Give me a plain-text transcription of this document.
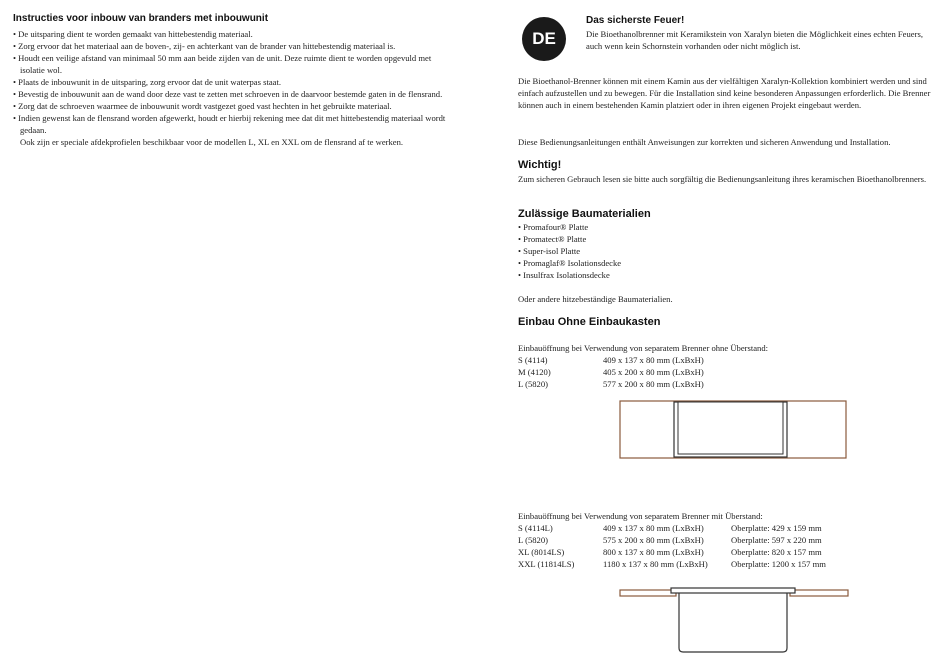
Instructies voor inbouw van branders met inbouwunit
• De uitsparing dient te worden gemaakt van hittebestendig materiaal.
• Zorg ervoor dat het materiaal aan de boven-, zij- en achterkant van de brander van hittebestendig materiaal is.
• Houdt een veilige afstand van minimaal 50 mm aan beide zijden van de unit. Deze ruimte dient te worden opgevuld met isolatie wol.
• Plaats de inbouwunit in de uitsparing, zorg ervoor dat de unit waterpas staat.
• Bevestig de inbouwunit aan de wand door deze vast te zetten met schroeven in de daarvoor bestemde gaten in de flensrand.
• Zorg dat de schroeven waarmee de inbouwunit wordt vastgezet goed vast hechten in het gebruikte materiaal.
• Indien gewenst kan de flensrand worden afgewerkt, houdt er hierbij rekening mee dat dit met hittebestendig materiaal wordt gedaan.
Ook zijn er speciale afdekprofielen beschikbaar voor de modellen L, XL en XXL om de flensrand af te werken.
DE
Das sicherste Feuer!
Die Bioethanolbrenner mit Keramikstein von Xaralyn bieten die Möglichkeit eines echten Feuers, auch wenn kein Schornstein vorhanden oder nicht möglich ist.
Die Bioethanol-Brenner können mit einem Kamin aus der vielfältigen Xaralyn-Kollektion kombiniert werden und sind einfach aufzustellen und zu bewegen. Für die Installation sind keine besonderen Anpassungen erforderlich. Die Brenner können auch in einem bestehenden Kamin platziert oder in ihren eigenen Projekt eingebaut werden.
Diese Bedienungsanleitungen enthält Anweisungen zur korrekten und sicheren Anwendung und Installation.
Wichtig!
Zum sicheren Gebrauch lesen sie bitte auch sorgfältig die Bedienungsanleitung ihres keramischen Bioethanolbrenners.
Zulässige Baumaterialien
• Promafour® Platte
• Promatect® Platte
• Super-isol Platte
• Promaglaf® Isolationsdecke
• Insulfrax Isolationsdecke
Oder andere hitzebeständige Baumaterialien.
Einbau Ohne Einbaukasten
Einbauöffnung bei Verwendung von separatem Brenner ohne Überstand:
S (4114)	409 x 137 x 80 mm (LxBxH)
M (4120)	405 x 200 x 80 mm (LxBxH)
L (5820)	577 x 200 x 80 mm (LxBxH)
Einbauöffnung bei Verwendung von separatem Brenner mit Überstand:
S (4114L)	409 x 137 x 80 mm (LxBxH)	Oberplatte: 429 x 159 mm
L (5820)	575 x 200 x 80 mm (LxBxH)	Oberplatte: 597 x 220 mm
XL (8014LS)	800 x 137 x 80 mm (LxBxH)	Oberplatte: 820 x 157 mm
XXL (11814LS)	1180 x 137 x 80 mm (LxBxH)	Oberplatte: 1200 x 157 mm
